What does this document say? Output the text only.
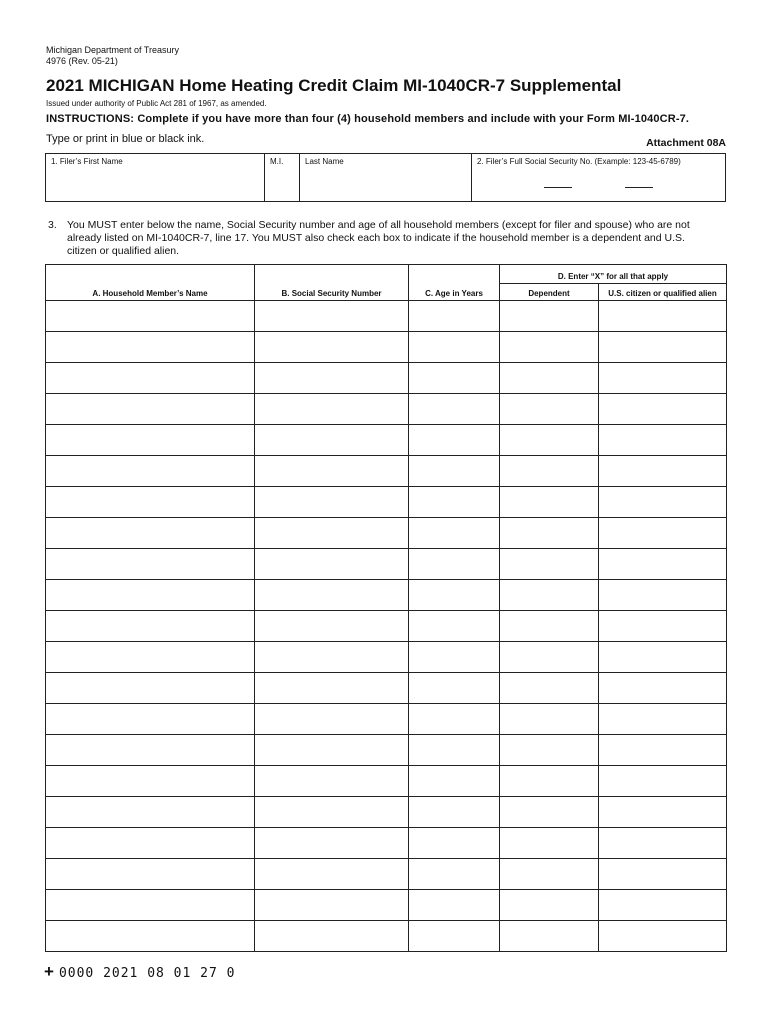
Michigan Department of Treasury
4976 (Rev. 05-21)
2021 MICHIGAN Home Heating Credit Claim MI-1040CR-7 Supplemental
Issued under authority of Public Act 281 of 1967, as amended.
INSTRUCTIONS: Complete if you have more than four (4) household members and include with your Form MI-1040CR-7.
Type or print in blue or black ink.	Attachment 08A
1. Filer’s First Name	M.I.	Last Name	2. Filer’s Full Social Security No. (Example: 123-45-6789)
3. You MUST enter below the name, Social Security number and age of all household members (except for filer and spouse) who are not already listed on MI-1040CR-7, line 17. You MUST also check each box to indicate if the household member is a dependent and U.S. citizen or qualified alien.
A. Household Member’s Name	B. Social Security Number	C. Age in Years	D. Enter “X” for all that apply	
			Dependent	U.S. citizen or qualified alien

+ 0000 2021 08 01 27 0
